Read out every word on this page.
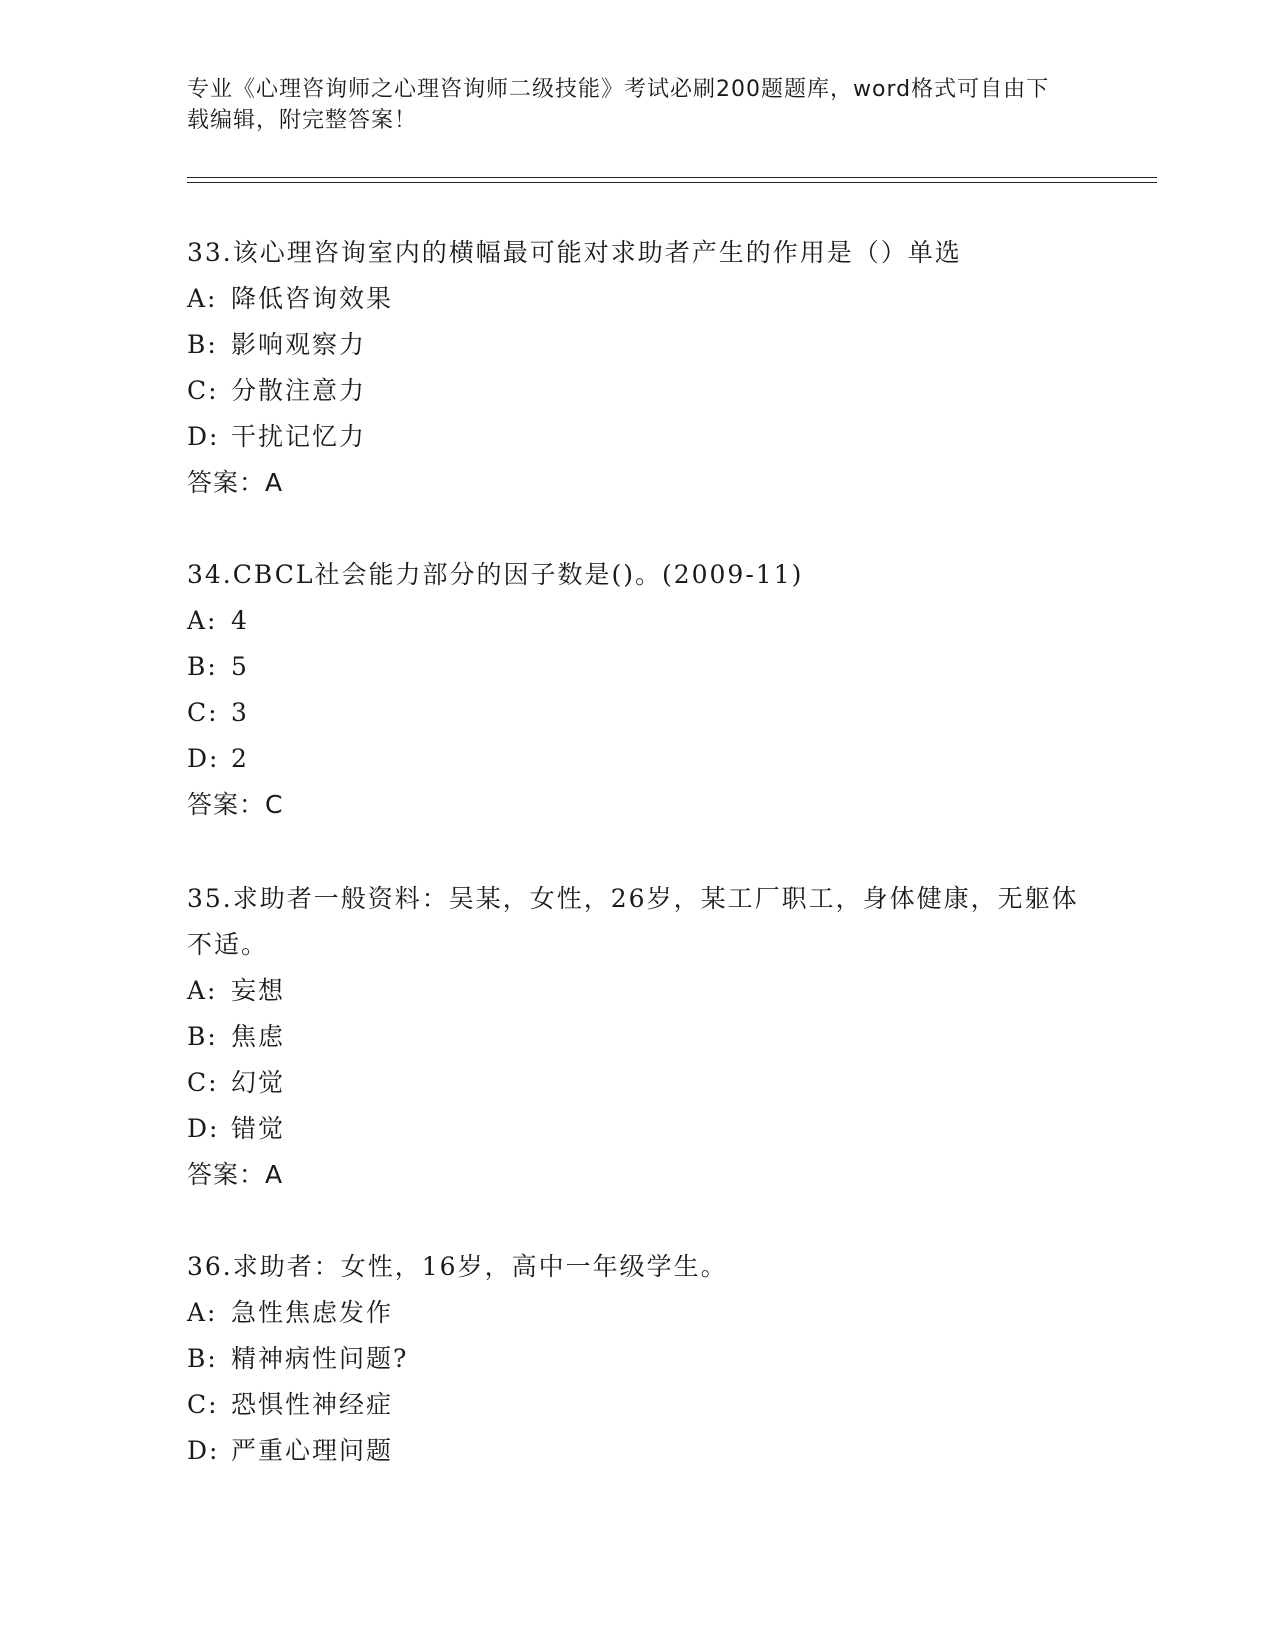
专业《心理咨询师之心理咨询师二级技能》考试必刷200题题库，word格式可自由下载编辑，附完整答案！

33.该心理咨询室内的横幅最可能对求助者产生的作用是（）单选

A: 降低咨询效果

B: 影响观察力

C: 分散注意力

D: 干扰记忆力

答案：A

34.CBCL社会能力部分的因子数是()。(2009-11)

A: 4

B: 5

C: 3

D: 2

答案：C

35.求助者一般资料：吴某，女性，26岁，某工厂职工，身体健康，无躯体不适。

A: 妄想

B: 焦虑

C: 幻觉

D: 错觉

答案：A

36.求助者：女性，16岁，高中一年级学生。

A: 急性焦虑发作

B: 精神病性问题?

C: 恐惧性神经症

D: 严重心理问题
